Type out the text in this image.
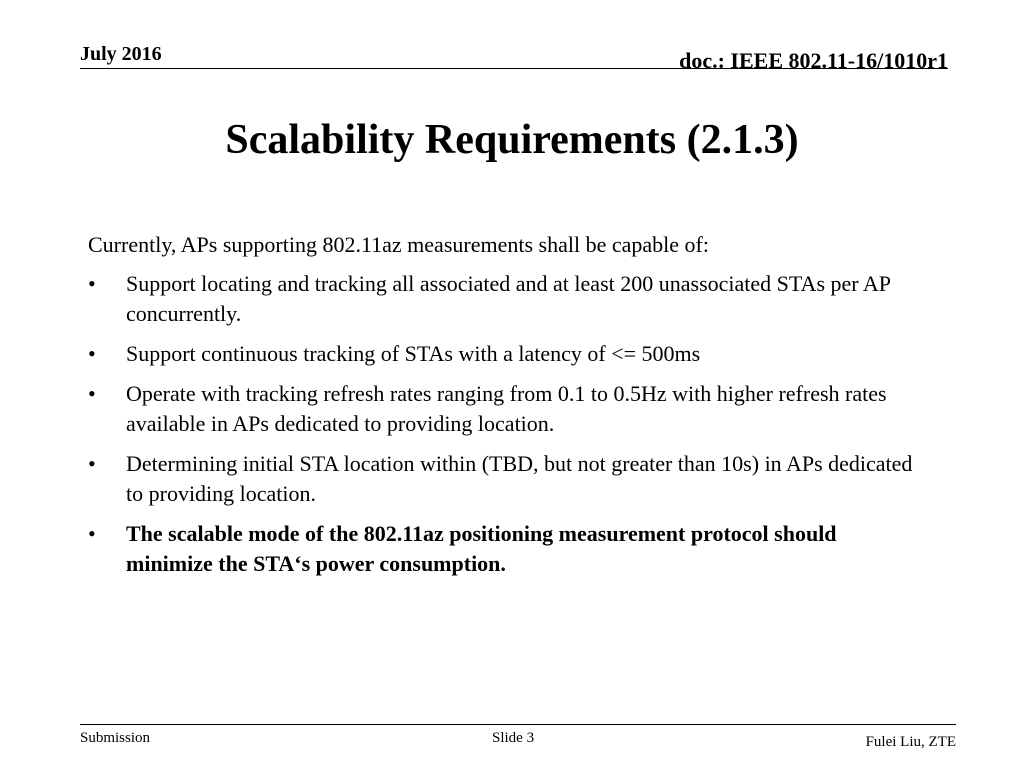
July 2016	doc.: IEEE 802.11-16/1010r1
Scalability Requirements (2.1.3)

Currently, APs supporting 802.11az measurements shall be capable of:

•	Support locating and tracking all associated and at least 200 unassociated STAs per AP concurrently.
•	Support continuous tracking of STAs with a latency of <= 500ms
•	Operate with tracking refresh rates ranging from 0.1 to 0.5Hz with higher refresh rates available in APs dedicated to providing location.
•	Determining initial STA location within (TBD, but not greater than 10s) in APs dedicated to providing location.
•	The scalable mode of the 802.11az positioning measurement protocol should minimize the STA‘s power consumption.
Submission	Slide 3	Fulei Liu, ZTE
